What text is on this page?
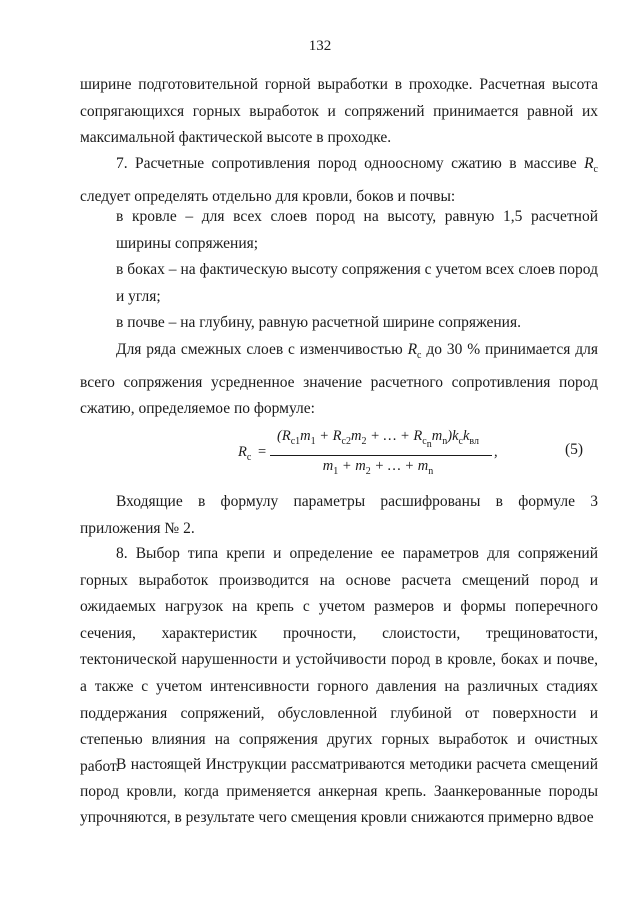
132
ширине подготовительной горной выработки в проходке. Расчетная высота сопрягающихся горных выработок и сопряжений принимается равной их максимальной фактической высоте в проходке.
7. Расчетные сопротивления пород одноосному сжатию в массиве $R_c$ следует определять отдельно для кровли, боков и почвы:
в кровле – для всех слоев пород на высоту, равную 1,5 расчетной ширины сопряжения;
в боках – на фактическую высоту сопряжения с учетом всех слоев пород и угля;
в почве – на глубину, равную расчетной ширине сопряжения.
Для ряда смежных слоев с изменчивостью $R_c$ до 30 % принимается для всего сопряжения усредненное значение расчетного сопротивления пород сжатию, определяемое по формуле:
$R_c$ =
($R_{c1}m_1 + R_{c2}m_2$ + … + $R_{c_n}m_n)k_ck_{вл}$
$m_1 + m_2$ + … + $m_n$
,	(5)
Входящие в формулу параметры расшифрованы в формуле 3 приложения № 2.
8. Выбор типа крепи и определение ее параметров для сопряжений горных выработок производится на основе расчета смещений пород и ожидаемых нагрузок на крепь с учетом размеров и формы поперечного сечения, характеристик прочности, слоистости, трещиноватости, тектонической нарушенности и устойчивости пород в кровле, боках и почве, а также с учетом интенсивности горного давления на различных стадиях поддержания сопряжений, обусловленной глубиной от поверхности и степенью влияния на сопряжения других горных выработок и очистных работ.
В настоящей Инструкции рассматриваются методики расчета смещений пород кровли, когда применяется анкерная крепь. Заанкерованные породы упрочняются, в результате чего смещения кровли снижаются примерно вдвое
